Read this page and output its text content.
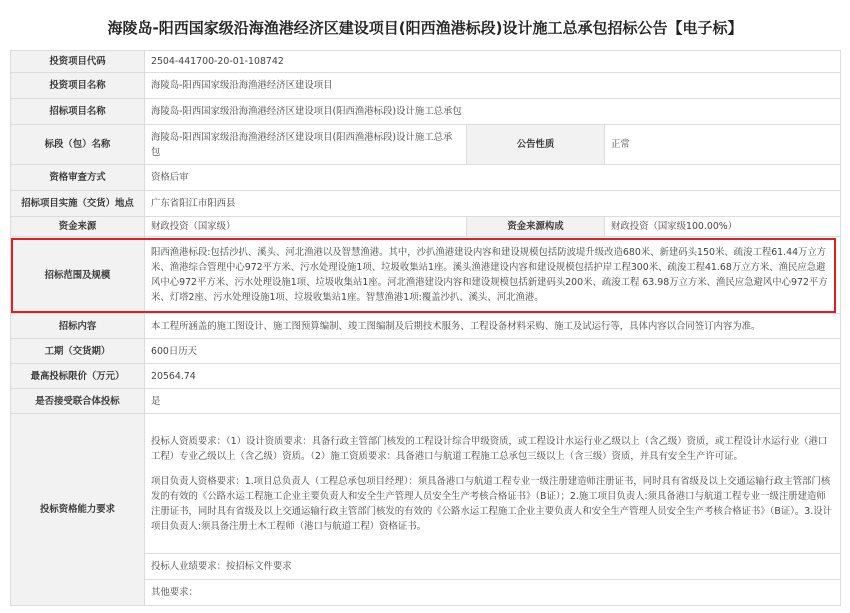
海陵岛-阳西国家级沿海渔港经济区建设项目(阳西渔港标段)设计施工总承包招标公告【电子标】
投资项目代码	2504-441700-20-01-108742		
投资项目名称	海陵岛-阳西国家级沿海渔港经济区建设项目		
招标项目名称	海陵岛-阳西国家级沿海渔港经济区建设项目(阳西渔港标段)设计施工总承包		
标段（包）名称	海陵岛-阳西国家级沿海渔港经济区建设项目(阳西渔港标段)设计施工总承包	公告性质	正常
资格审查方式	资格后审		
招标项目实施（交货）地点	广东省阳江市阳西县		
资金来源	财政投资（国家级）	资金来源构成	财政投资（国家级100.00%）
招标范围及规模	阳西渔港标段:包括沙扒、溪头、河北渔港以及智慧渔港。其中，沙扒渔港建设内容和建设规模包括防波堤升级改造680米、新建码头150米、疏浚工程61.44万立方米、渔港综合管理中心972平方米、污水处理设施1项、垃圾收集站1座。溪头渔港建设内容和建设规模包括护岸工程300米、疏浚工程41.68万立方米、渔民应急避风中心972平方米、污水处理设施1项、垃圾收集站1座。河北渔港建设内容和建设规模包括新建码头200米、疏浚工程 63.98万立方米、渔民应急避风中心972平方米、灯塔2座、污水处理设施1项、垃圾收集站1座。智慧渔港1项:覆盖沙扒、溪头、河北渔港。		
招标内容	本工程所涵盖的施工图设计、施工图预算编制、竣工图编制及后期技术服务、工程设备材料采购、施工及试运行等，具体内容以合同签订内容为准。		
工期（交货期）	600日历天		
最高投标限价（万元）	20564.74		
是否接受联合体投标	是		
投标资格能力要求	投标人资质要求：（1）设计资质要求：具备行政主管部门核发的工程设计综合甲级资质，或工程设计水运行业乙级以上（含乙级）资质，或工程设计水运行业（港口工程）专业乙级以上（含乙级）资质。（2）施工资质要求：具备港口与航道工程施工总承包三级以上（含三级）资质，并具有安全生产许可证。
项目负责人资格要求：1.项目总负责人（工程总承包项目经理）：须具备港口与航道工程专业一级注册建造师注册证书，同时具有省级及以上交通运输行政主管部门核发的有效的《公路水运工程施工企业主要负责人和安全生产管理人员安全生产考核合格证书》（B证）；2.施工项目负责人:须具备港口与航道工程专业一级注册建造师注册证书，同时具有省级及以上交通运输行政主管部门核发的有效的《公路水运工程施工企业主要负责人和安全生产管理人员安全生产考核合格证书》（B证）。3.设计项目负责人:须具备注册土木工程师（港口与航道工程）资格证书。		

	投标人业绩要求：按招标文件要求		
	其他要求：		
